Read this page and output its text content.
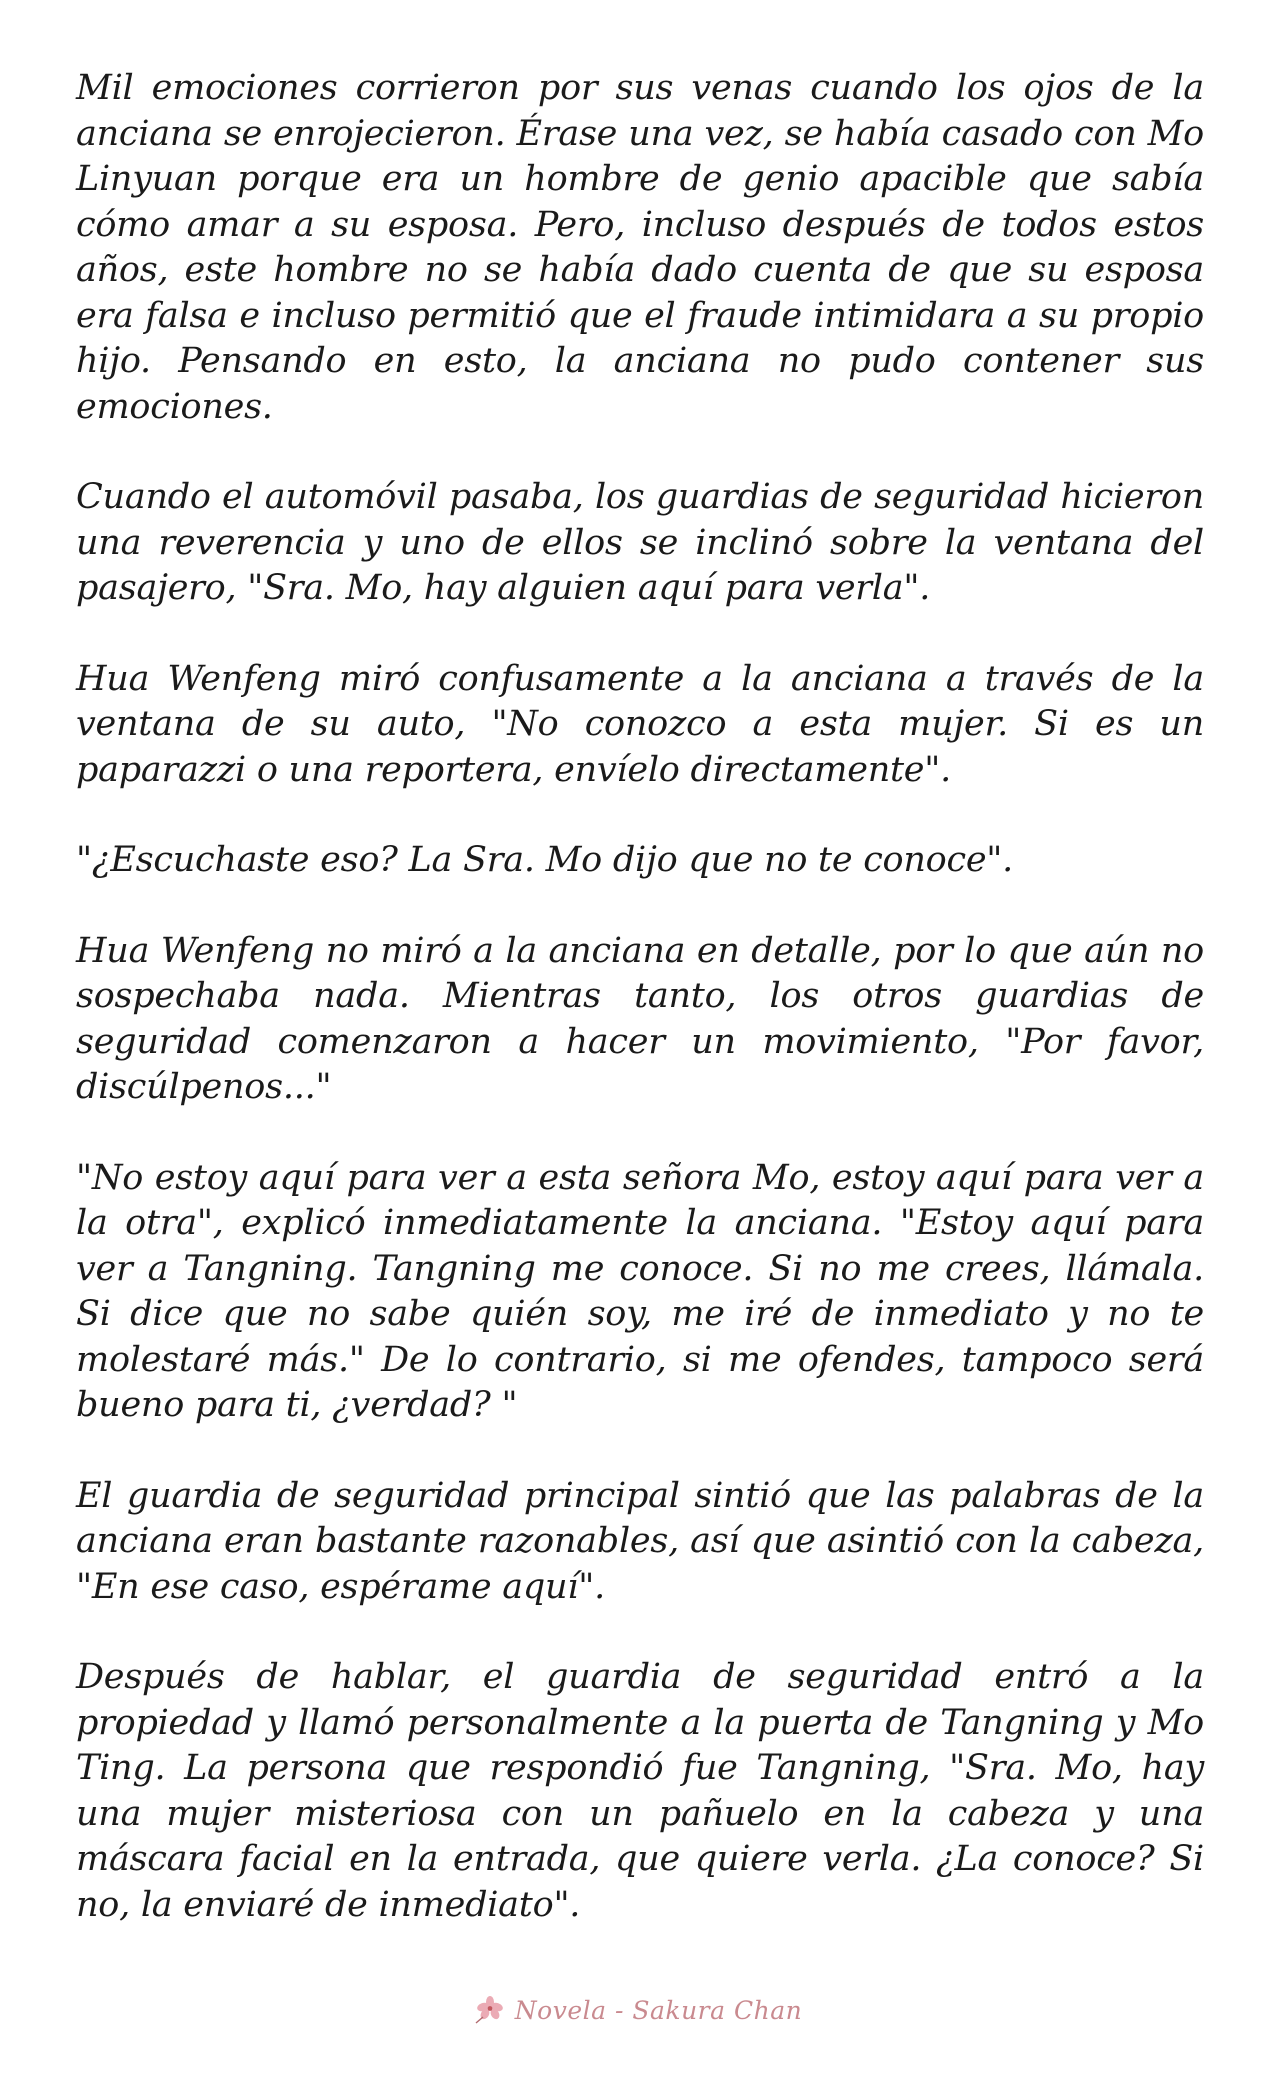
Mil emociones corrieron por sus venas cuando los ojos de la anciana se enrojecieron. Érase una vez, se había casado con Mo Linyuan porque era un hombre de genio apacible que sabía cómo amar a su esposa. Pero, incluso después de todos estos años, este hombre no se había dado cuenta de que su esposa era falsa e incluso permitió que el fraude intimidara a su propio hijo. Pensando en esto, la anciana no pudo contener sus emociones.

Cuando el automóvil pasaba, los guardias de seguridad hicieron una reverencia y uno de ellos se inclinó sobre la ventana del pasajero, "Sra. Mo, hay alguien aquí para verla".

Hua Wenfeng miró confusamente a la anciana a través de la ventana de su auto, "No conozco a esta mujer. Si es un paparazzi o una reportera, envíelo directamente".

"¿Escuchaste eso? La Sra. Mo dijo que no te conoce".

Hua Wenfeng no miró a la anciana en detalle, por lo que aún no sospechaba nada. Mientras tanto, los otros guardias de seguridad comenzaron a hacer un movimiento, "Por favor, discúlpenos..."

"No estoy aquí para ver a esta señora Mo, estoy aquí para ver a la otra", explicó inmediatamente la anciana. "Estoy aquí para ver a Tangning. Tangning me conoce. Si no me crees, llámala. Si dice que no sabe quién soy, me iré de inmediato y no te molestaré más." De lo contrario, si me ofendes, tampoco será bueno para ti, ¿verdad? "

El guardia de seguridad principal sintió que las palabras de la anciana eran bastante razonables, así que asintió con la cabeza, "En ese caso, espérame aquí".

Después de hablar, el guardia de seguridad entró a la propiedad y llamó personalmente a la puerta de Tangning y Mo Ting. La persona que respondió fue Tangning, "Sra. Mo, hay una mujer misteriosa con un pañuelo en la cabeza y una máscara facial en la entrada, que quiere verla. ¿La conoce? Si no, la enviaré de inmediato".

Novela - Sakura Chan
